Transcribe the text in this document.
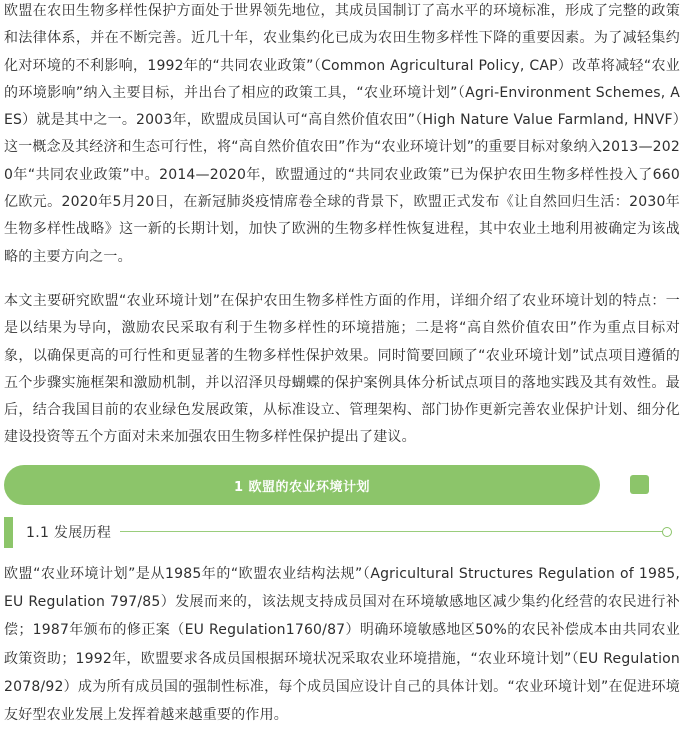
欧盟在农田生物多样性保护方面处于世界领先地位，其成员国制订了高水平的环境标准，形成了完整的政策和法律体系，并在不断完善。近几十年，农业集约化已成为农田生物多样性下降的重要因素。为了减轻集约化对环境的不利影响，1992年的“共同农业政策”（Common Agricultural Policy, CAP）改革将减轻“农业的环境影响”纳入主要目标，并出台了相应的政策工具，“农业环境计划”（Agri-Environment Schemes, AES）就是其中之一。2003年，欧盟成员国认可“高自然价值农田”（High Nature Value Farmland, HNVF）这一概念及其经济和生态可行性，将“高自然价值农田”作为“农业环境计划”的重要目标对象纳入2013—2020年“共同农业政策”中。2014—2020年，欧盟通过的“共同农业政策”已为保护农田生物多样性投入了660亿欧元。2020年5月20日，在新冠肺炎疫情席卷全球的背景下，欧盟正式发布《让自然回归生活：2030年生物多样性战略》这一新的长期计划，加快了欧洲的生物多样性恢复进程，其中农业土地利用被确定为该战略的主要方向之一。

本文主要研究欧盟“农业环境计划”在保护农田生物多样性方面的作用，详细介绍了农业环境计划的特点：一是以结果为导向，激励农民采取有利于生物多样性的环境措施；二是将“高自然价值农田”作为重点目标对象，以确保更高的可行性和更显著的生物多样性保护效果。同时简要回顾了“农业环境计划”试点项目遵循的五个步骤实施框架和激励机制，并以沼泽贝母蝴蝶的保护案例具体分析试点项目的落地实践及其有效性。最后，结合我国目前的农业绿色发展政策，从标准设立、管理架构、部门协作更新完善农业保护计划、细分化建设投资等五个方面对未来加强农田生物多样性保护提出了建议。

1 欧盟的农业环境计划
1.1 发展历程

欧盟“农业环境计划”是从1985年的“欧盟农业结构法规”（Agricultural Structures Regulation of 1985, EU Regulation 797/85）发展而来的，该法规支持成员国对在环境敏感地区减少集约化经营的农民进行补偿；1987年颁布的修正案（EU Regulation1760/87）明确环境敏感地区50%的农民补偿成本由共同农业政策资助；1992年，欧盟要求各成员国根据环境状况采取农业环境措施，“农业环境计划”（EU Regulation 2078/92）成为所有成员国的强制性标准，每个成员国应设计自己的具体计划。“农业环境计划”在促进环境友好型农业发展上发挥着越来越重要的作用。
